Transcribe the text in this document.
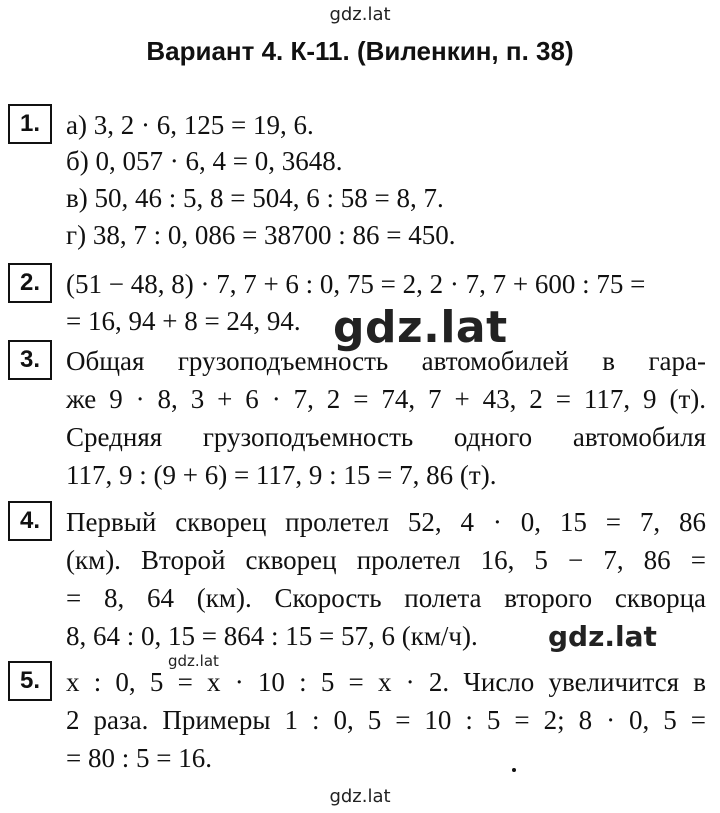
gdz.lat
Вариант 4. К-11. (Виленкин, п. 38)
1. а) 3, 2 · 6, 125 = 19, 6.
б) 0, 057 · 6, 4 = 0, 3648.
в) 50, 46 : 5, 8 = 504, 6 : 58 = 8, 7.
г) 38, 7 : 0, 086 = 38700 : 86 = 450.
2. (51 − 48, 8) · 7, 7 + 6 : 0, 75 = 2, 2 · 7, 7 + 600 : 75 =
= 16, 94 + 8 = 24, 94.
3. Общая грузоподъемность автомобилей в гара-
же 9 · 8, 3 + 6 · 7, 2 = 74, 7 + 43, 2 = 117, 9 (т).
Средняя грузоподъемность одного автомобиля
117, 9 : (9 + 6) = 117, 9 : 15 = 7, 86 (т).
4. Первый скворец пролетел 52, 4 · 0, 15 = 7, 86
(км). Второй скворец пролетел 16, 5 − 7, 86 =
= 8, 64 (км). Скорость полета второго скворца
8, 64 : 0, 15 = 864 : 15 = 57, 6 (км/ч).
5. x : 0, 5 = x · 10 : 5 = x · 2. Число увеличится в
2 раза. Примеры 1 : 0, 5 = 10 : 5 = 2; 8 · 0, 5 =
= 80 : 5 = 16.
gdz.lat
gdz.lat
gdz.lat
gdz.lat
